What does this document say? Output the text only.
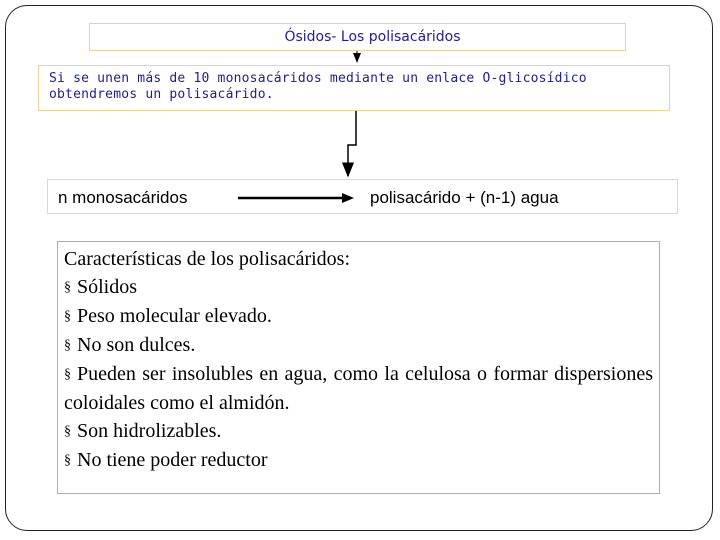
Ósidos- Los polisacáridos
Si se unen más de 10 monosacáridos mediante un enlace O-glicosídico obtendremos un polisacárido.
n monosacáridos	polisacárido + (n-1) agua
Características de los polisacáridos:
§ Sólidos
§ Peso molecular elevado.
§ No son dulces.
§ Pueden ser insolubles en agua, como la celulosa o formar dispersiones coloidales como el almidón.
§ Son hidrolizables.
§ No tiene poder reductor
